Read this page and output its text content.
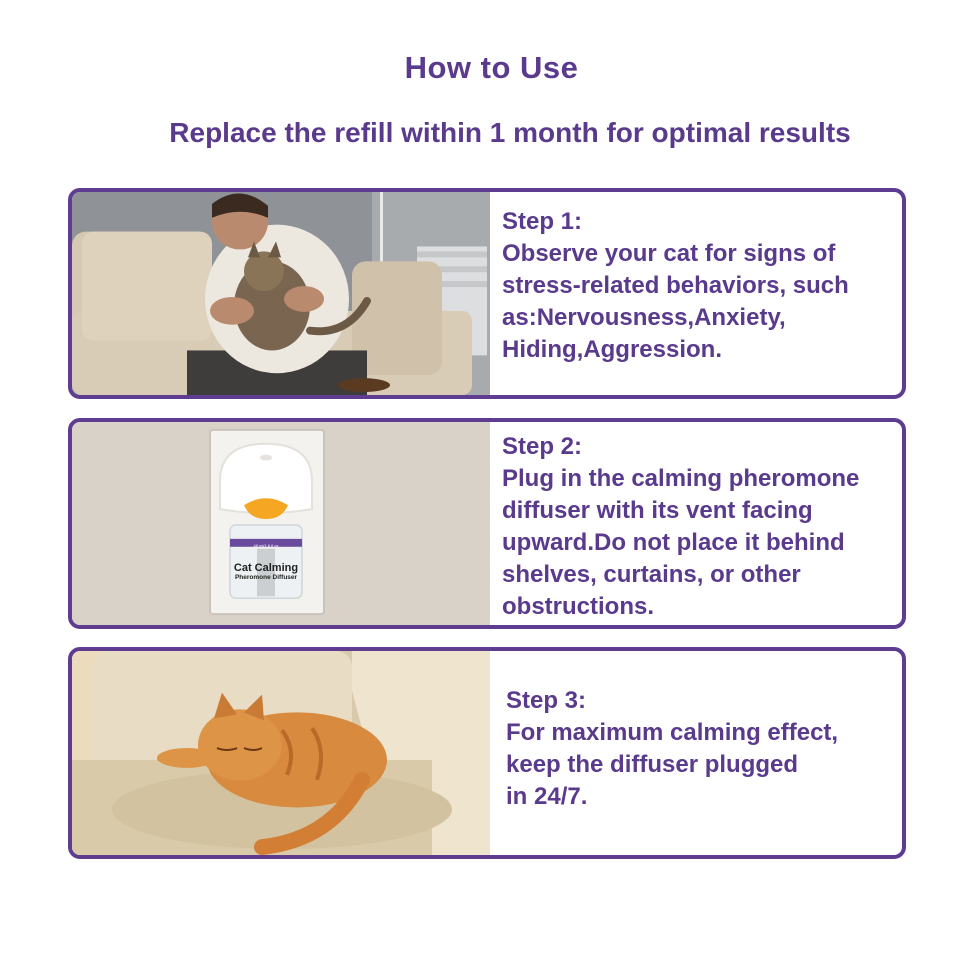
How to Use
Replace the refill within 1 month for optimal results
Step 1:
Observe your cat for signs of
stress-related behaviors, such
as:Nervousness,Anxiety,
Hiding,Aggression.
Cat Calming
Pheromone Diffuser
48 ml/1.6 fl oz
Step 2:
Plug in the calming pheromone
diffuser with its vent facing
upward.Do not place it behind
shelves, curtains, or other
obstructions.
Step 3:
For maximum calming effect,
keep the diffuser plugged
in 24/7.
